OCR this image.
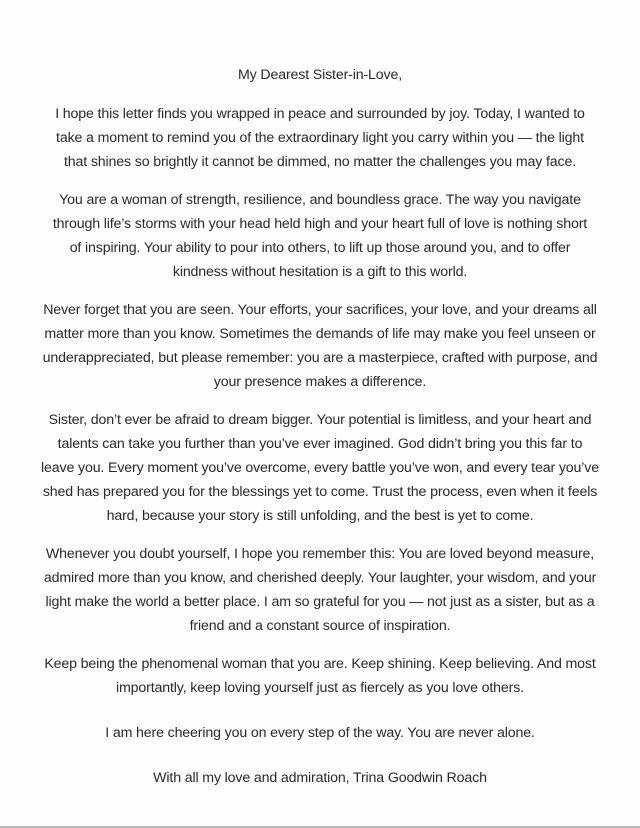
My Dearest Sister-in-Love,

I hope this letter finds you wrapped in peace and surrounded by joy. Today, I wanted to
take a moment to remind you of the extraordinary light you carry within you — the light
that shines so brightly it cannot be dimmed, no matter the challenges you may face.

You are a woman of strength, resilience, and boundless grace. The way you navigate
through life’s storms with your head held high and your heart full of love is nothing short
of inspiring. Your ability to pour into others, to lift up those around you, and to offer
kindness without hesitation is a gift to this world.

Never forget that you are seen. Your efforts, your sacrifices, your love, and your dreams all
matter more than you know. Sometimes the demands of life may make you feel unseen or
underappreciated, but please remember: you are a masterpiece, crafted with purpose, and
your presence makes a difference.

Sister, don’t ever be afraid to dream bigger. Your potential is limitless, and your heart and
talents can take you further than you’ve ever imagined. God didn’t bring you this far to
leave you. Every moment you’ve overcome, every battle you’ve won, and every tear you’ve
shed has prepared you for the blessings yet to come. Trust the process, even when it feels
hard, because your story is still unfolding, and the best is yet to come.

Whenever you doubt yourself, I hope you remember this: You are loved beyond measure,
admired more than you know, and cherished deeply. Your laughter, your wisdom, and your
light make the world a better place. I am so grateful for you — not just as a sister, but as a
friend and a constant source of inspiration.

Keep being the phenomenal woman that you are. Keep shining. Keep believing. And most
importantly, keep loving yourself just as fiercely as you love others.

I am here cheering you on every step of the way. You are never alone.

With all my love and admiration, Trina Goodwin Roach
